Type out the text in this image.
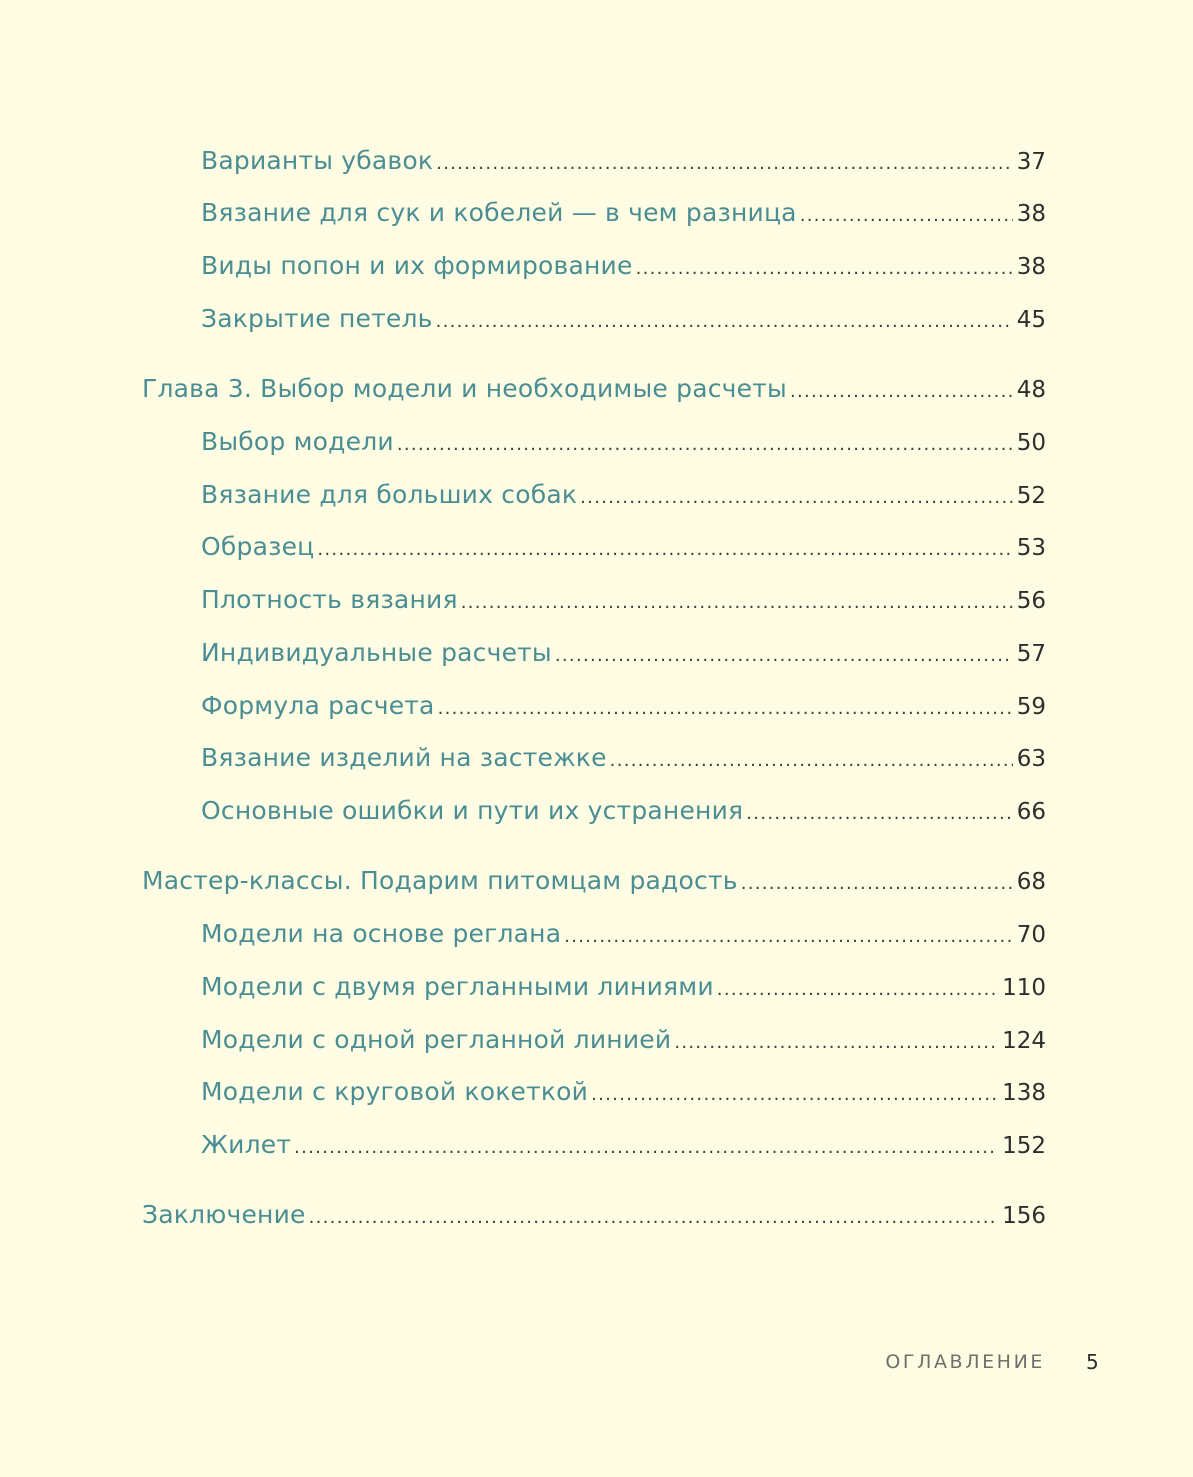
Варианты убавок .....	37
Вязание для сук и кобелей — в чем разница .....	38
Виды попон и их формирование .....	38
Закрытие петель .....	45
Глава 3. Выбор модели и необходимые расчеты .....	48
Выбор модели .....	50
Вязание для больших собак .....	52
Образец .....	53
Плотность вязания .....	56
Индивидуальные расчеты .....	57
Формула расчета .....	59
Вязание изделий на застежке .....	63
Основные ошибки и пути их устранения .....	66
Мастер-классы. Подарим питомцам радость .....	68
Модели на основе реглана .....	70
Модели с двумя регланными линиями .....	110
Модели с одной регланной линией .....	124
Модели с круговой кокеткой .....	138
Жилет .....	152
Заключение .....	156
ОГЛАВЛЕНИЕ 5
